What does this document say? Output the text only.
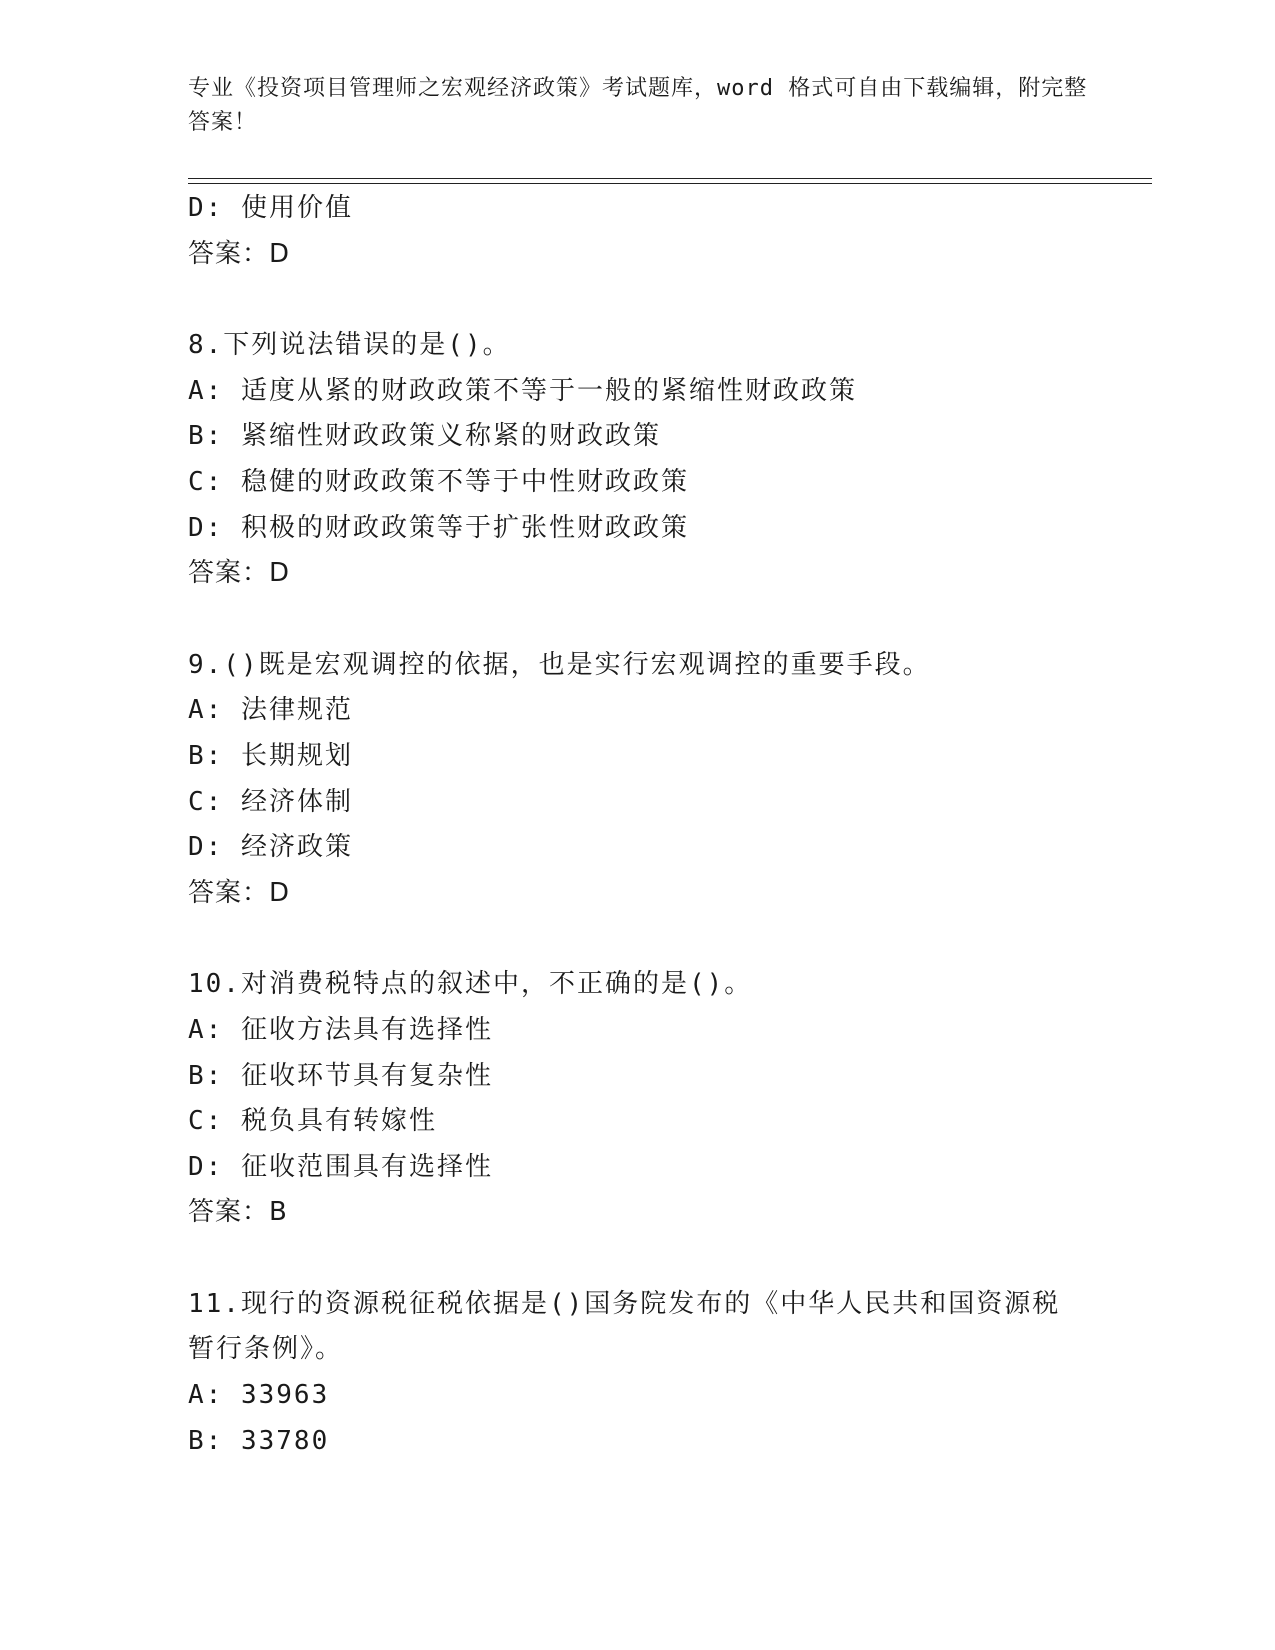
专业《投资项目管理师之宏观经济政策》考试题库，word 格式可自由下载编辑，附完整答案！
D: 使用价值
答案：D
8.下列说法错误的是()。
A: 适度从紧的财政政策不等于一般的紧缩性财政政策
B: 紧缩性财政政策义称紧的财政政策
C: 稳健的财政政策不等于中性财政政策
D: 积极的财政政策等于扩张性财政政策
答案：D
9.()既是宏观调控的依据，也是实行宏观调控的重要手段。
A: 法律规范
B: 长期规划
C: 经济体制
D: 经济政策
答案：D
10.对消费税特点的叙述中，不正确的是()。
A: 征收方法具有选择性
B: 征收环节具有复杂性
C: 税负具有转嫁性
D: 征收范围具有选择性
答案：B
11.现行的资源税征税依据是()国务院发布的《中华人民共和国资源税暂行条例》。
A: 33963
B: 33780
